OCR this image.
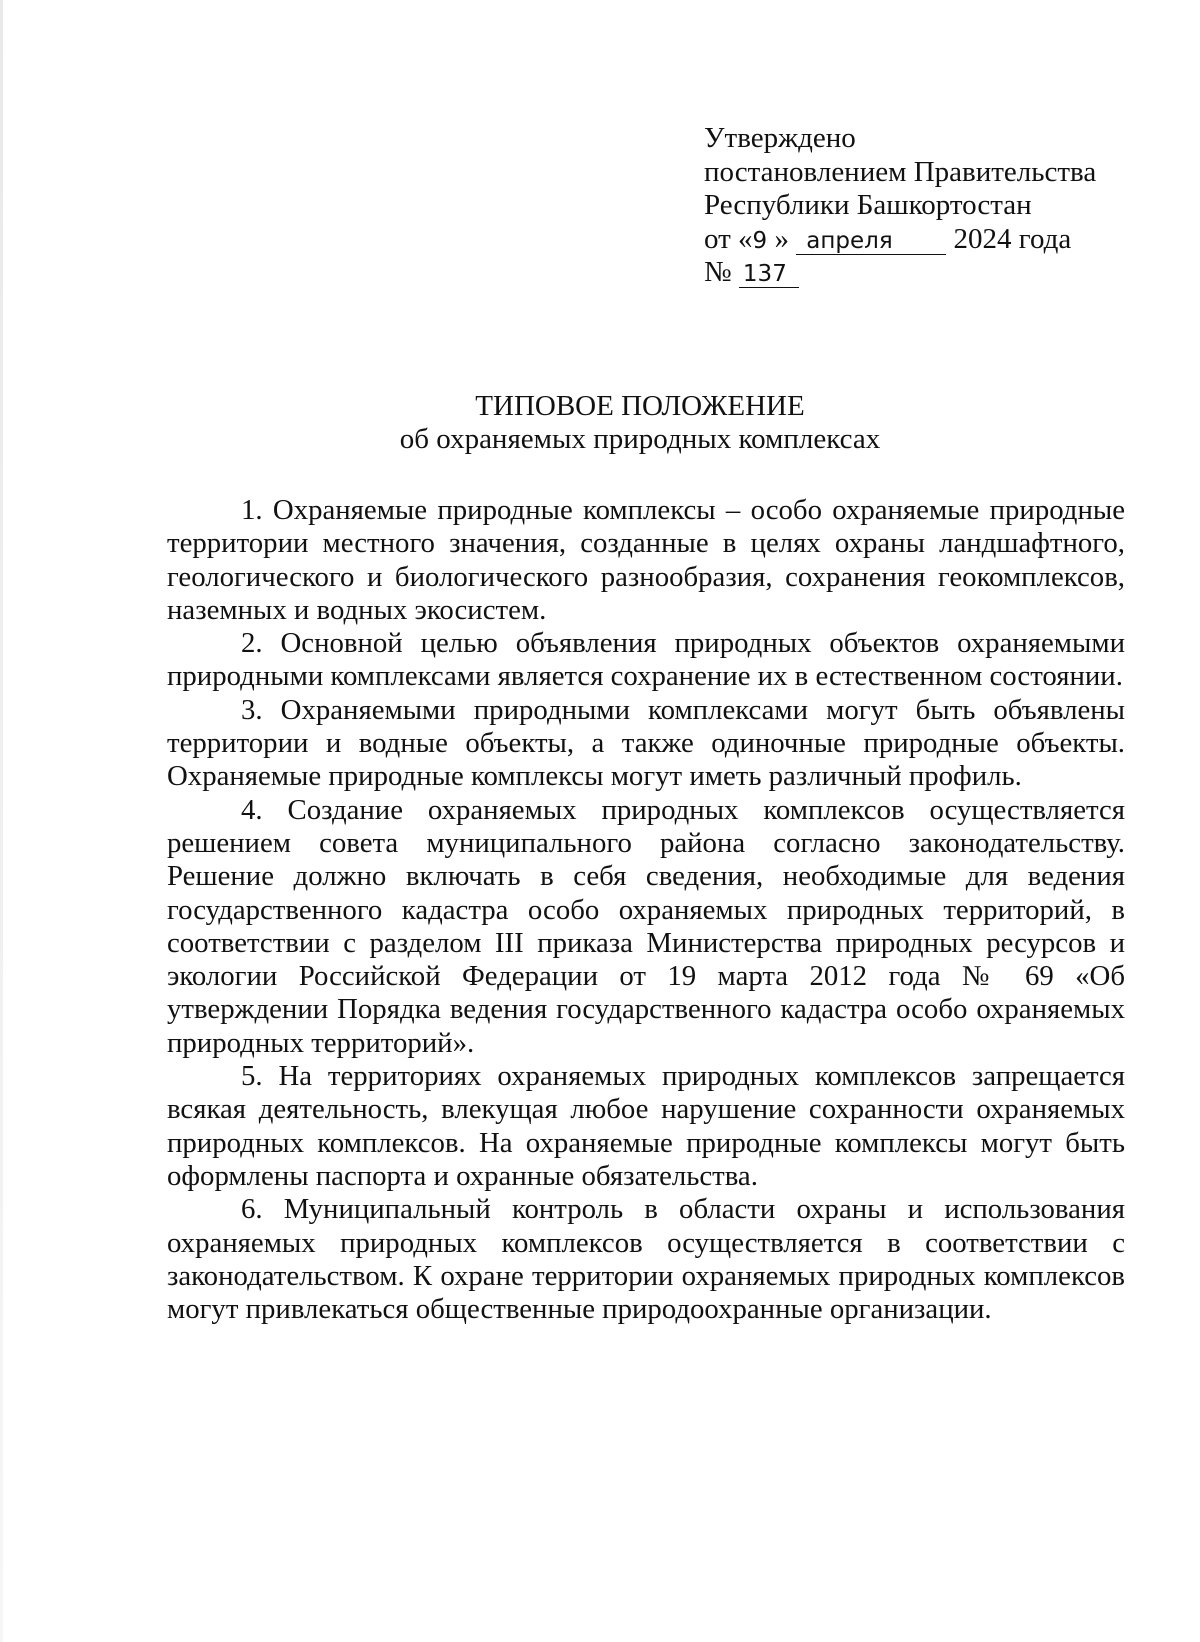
Утверждено
постановлением Правительства
Республики Башкортостан
от «9 » апреля 2024 года
№ 137
ТИПОВОЕ ПОЛОЖЕНИЕ
об охраняемых природных комплексах

1. Охраняемые природные комплексы – особо охраняемые природные территории местного значения, созданные в целях охраны ландшафтного, геологического и биологического разнообразия, сохранения геокомплексов, наземных и водных экосистем.

2. Основной целью объявления природных объектов охраняемыми природными комплексами является сохранение их в естественном состоянии.

3. Охраняемыми природными комплексами могут быть объявлены территории и водные объекты, а также одиночные природные объекты. Охраняемые природные комплексы могут иметь различный профиль.

4. Создание охраняемых природных комплексов осуществляется решением совета муниципального района согласно законодательству. Решение должно включать в себя сведения, необходимые для ведения государственного кадастра особо охраняемых природных территорий, в соответствии с разделом III приказа Министерства природных ресурсов и экологии Российской Федерации от 19 марта 2012 года № 69 «Об утверждении Порядка ведения государственного кадастра особо охраняемых природных территорий».

5. На территориях охраняемых природных комплексов запрещается всякая деятельность, влекущая любое нарушение сохранности охраняемых природных комплексов. На охраняемые природные комплексы могут быть оформлены паспорта и охранные обязательства.

6. Муниципальный контроль в области охраны и использования охраняемых природных комплексов осуществляется в соответствии с законодательством. К охране территории охраняемых природных комплексов могут привлекаться общественные природоохранные организации.
